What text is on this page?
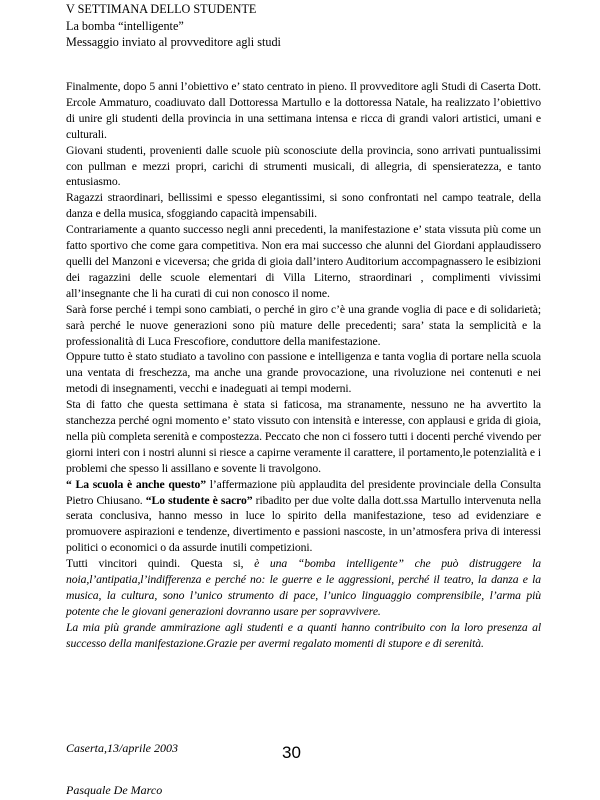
V SETTIMANA DELLO STUDENTE
La bomba “intelligente”
Messaggio inviato al provveditore agli studi

Finalmente, dopo 5 anni l’obiettivo e’ stato centrato in pieno. Il provveditore agli Studi di Caserta Dott. Ercole Ammaturo, coadiuvato dall Dottoressa Martullo e la dottoressa Natale, ha realizzato l’obiettivo di unire gli studenti della provincia in una settimana intensa e ricca di grandi valori artistici, umani e culturali.

Giovani studenti, provenienti dalle scuole più sconosciute della provincia, sono arrivati puntualissimi con pullman e mezzi propri, carichi di strumenti musicali, di allegria, di spensieratezza, e tanto entusiasmo.

Ragazzi straordinari, bellissimi e spesso elegantissimi, si sono confrontati nel campo teatrale, della danza e della musica, sfoggiando capacità impensabili.

Contrariamente a quanto successo negli anni precedenti, la manifestazione e’ stata vissuta più come un fatto sportivo che come gara competitiva. Non era mai successo che alunni del Giordani applaudissero quelli del Manzoni e viceversa; che grida di gioia dall’intero Auditorium accompagnassero le esibizioni dei ragazzini delle scuole elementari di Villa Literno, straordinari , complimenti vivissimi all’insegnante che li ha curati di cui non conosco il nome.

Sarà forse perché i tempi sono cambiati, o perché in giro c’è una grande voglia di pace e di solidarietà; sarà perché le nuove generazioni sono più mature delle precedenti; sara’ stata la semplicità e la professionalità di Luca Frescofiore, conduttore della manifestazione.

Oppure tutto è stato studiato a tavolino con passione e intelligenza e tanta voglia di portare nella scuola una ventata di freschezza, ma anche una grande provocazione, una rivoluzione nei contenuti e nei metodi di insegnamenti, vecchi e inadeguati ai tempi moderni.

Sta di fatto che questa settimana è stata si faticosa, ma stranamente, nessuno ne ha avvertito la stanchezza perché ogni momento e’ stato vissuto con intensità e interesse, con applausi e grida di gioia, nella più completa serenità e compostezza. Peccato che non ci fossero tutti i docenti perché vivendo per giorni interi con i nostri alunni si riesce a capirne veramente il carattere, il portamento,le potenzialità e i problemi che spesso li assillano e sovente li travolgono.

“ La scuola è anche questo” l’affermazione più applaudita del presidente provinciale della Consulta Pietro Chiusano. “Lo studente è sacro” ribadito per due volte dalla dott.ssa Martullo intervenuta nella serata conclusiva, hanno messo in luce lo spirito della manifestazione, teso ad evidenziare e promuovere aspirazioni e tendenze, divertimento e passioni nascoste, in un’atmosfera priva di interessi politici o economici o da assurde inutili competizioni.

Tutti vincitori quindi. Questa si, è una “bomba intelligente” che può distruggere la noia,l’antipatia,l’indifferenza e perché no: le guerre e le aggressioni, perché il teatro, la danza e la musica, la cultura, sono l’unico strumento di pace, l’unico linguaggio comprensibile, l’arma più potente che le giovani generazioni dovranno usare per sopravvivere.

La mia più grande ammirazione agli studenti e a quanti hanno contribuito con la loro presenza al successo della manifestazione.Grazie per avermi regalato momenti di stupore e di serenità.

Caserta,13/aprile 2003	30
Pasquale De Marco
